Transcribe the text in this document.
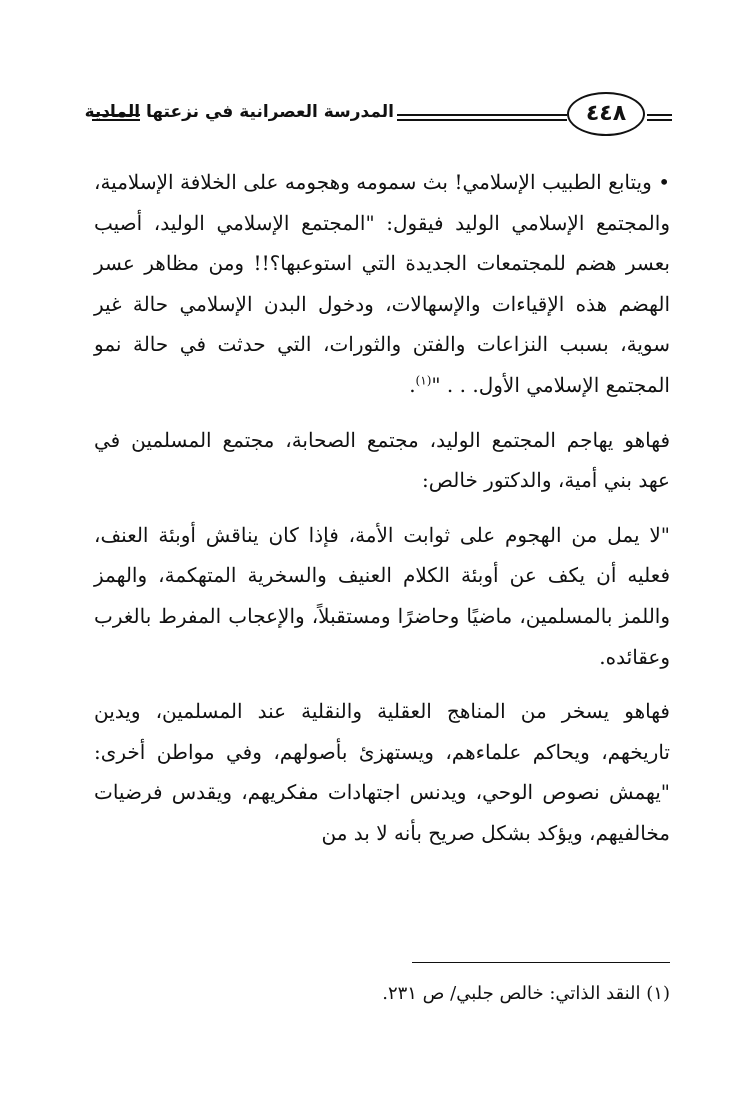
المدرسة العصرانية في نزعتها المادية	٤٤٨

• ويتابع الطبيب الإسلامي! بث سمومه وهجومه على الخلافة الإسلامية، والمجتمع الإسلامي الوليد فيقول: "المجتمع الإسلامي الوليد، أصيب بعسر هضم للمجتمعات الجديدة التي استوعبها؟!! ومن مظاهر عسر الهضم هذه الإقياءات والإسهالات، ودخول البدن الإسلامي حالة غير سوية، بسبب النزاعات والفتن والثورات، التي حدثت في حالة نمو المجتمع الإسلامي الأول. . . "$^{(١)}$.

فهاهو يهاجم المجتمع الوليد، مجتمع الصحابة، مجتمع المسلمين في عهد بني أمية، والدكتور خالص:

"لا يمل من الهجوم على ثوابت الأمة، فإذا كان يناقش أوبئة العنف، فعليه أن يكف عن أوبئة الكلام العنيف والسخرية المتهكمة، والهمز واللمز بالمسلمين، ماضيًا وحاضرًا ومستقبلاً، والإعجاب المفرط بالغرب وعقائده.

فهاهو يسخر من المناهج العقلية والنقلية عند المسلمين، ويدين تاريخهم، ويحاكم علماءهم، ويستهزئ بأصولهم، وفي مواطن أخرى: "يهمش نصوص الوحي، ويدنس اجتهادات مفكريهم، ويقدس فرضيات مخالفيهم، ويؤكد بشكل صريح بأنه لا بد من

(١) النقد الذاتي: خالص جلبي/ ص ٢٣١.
